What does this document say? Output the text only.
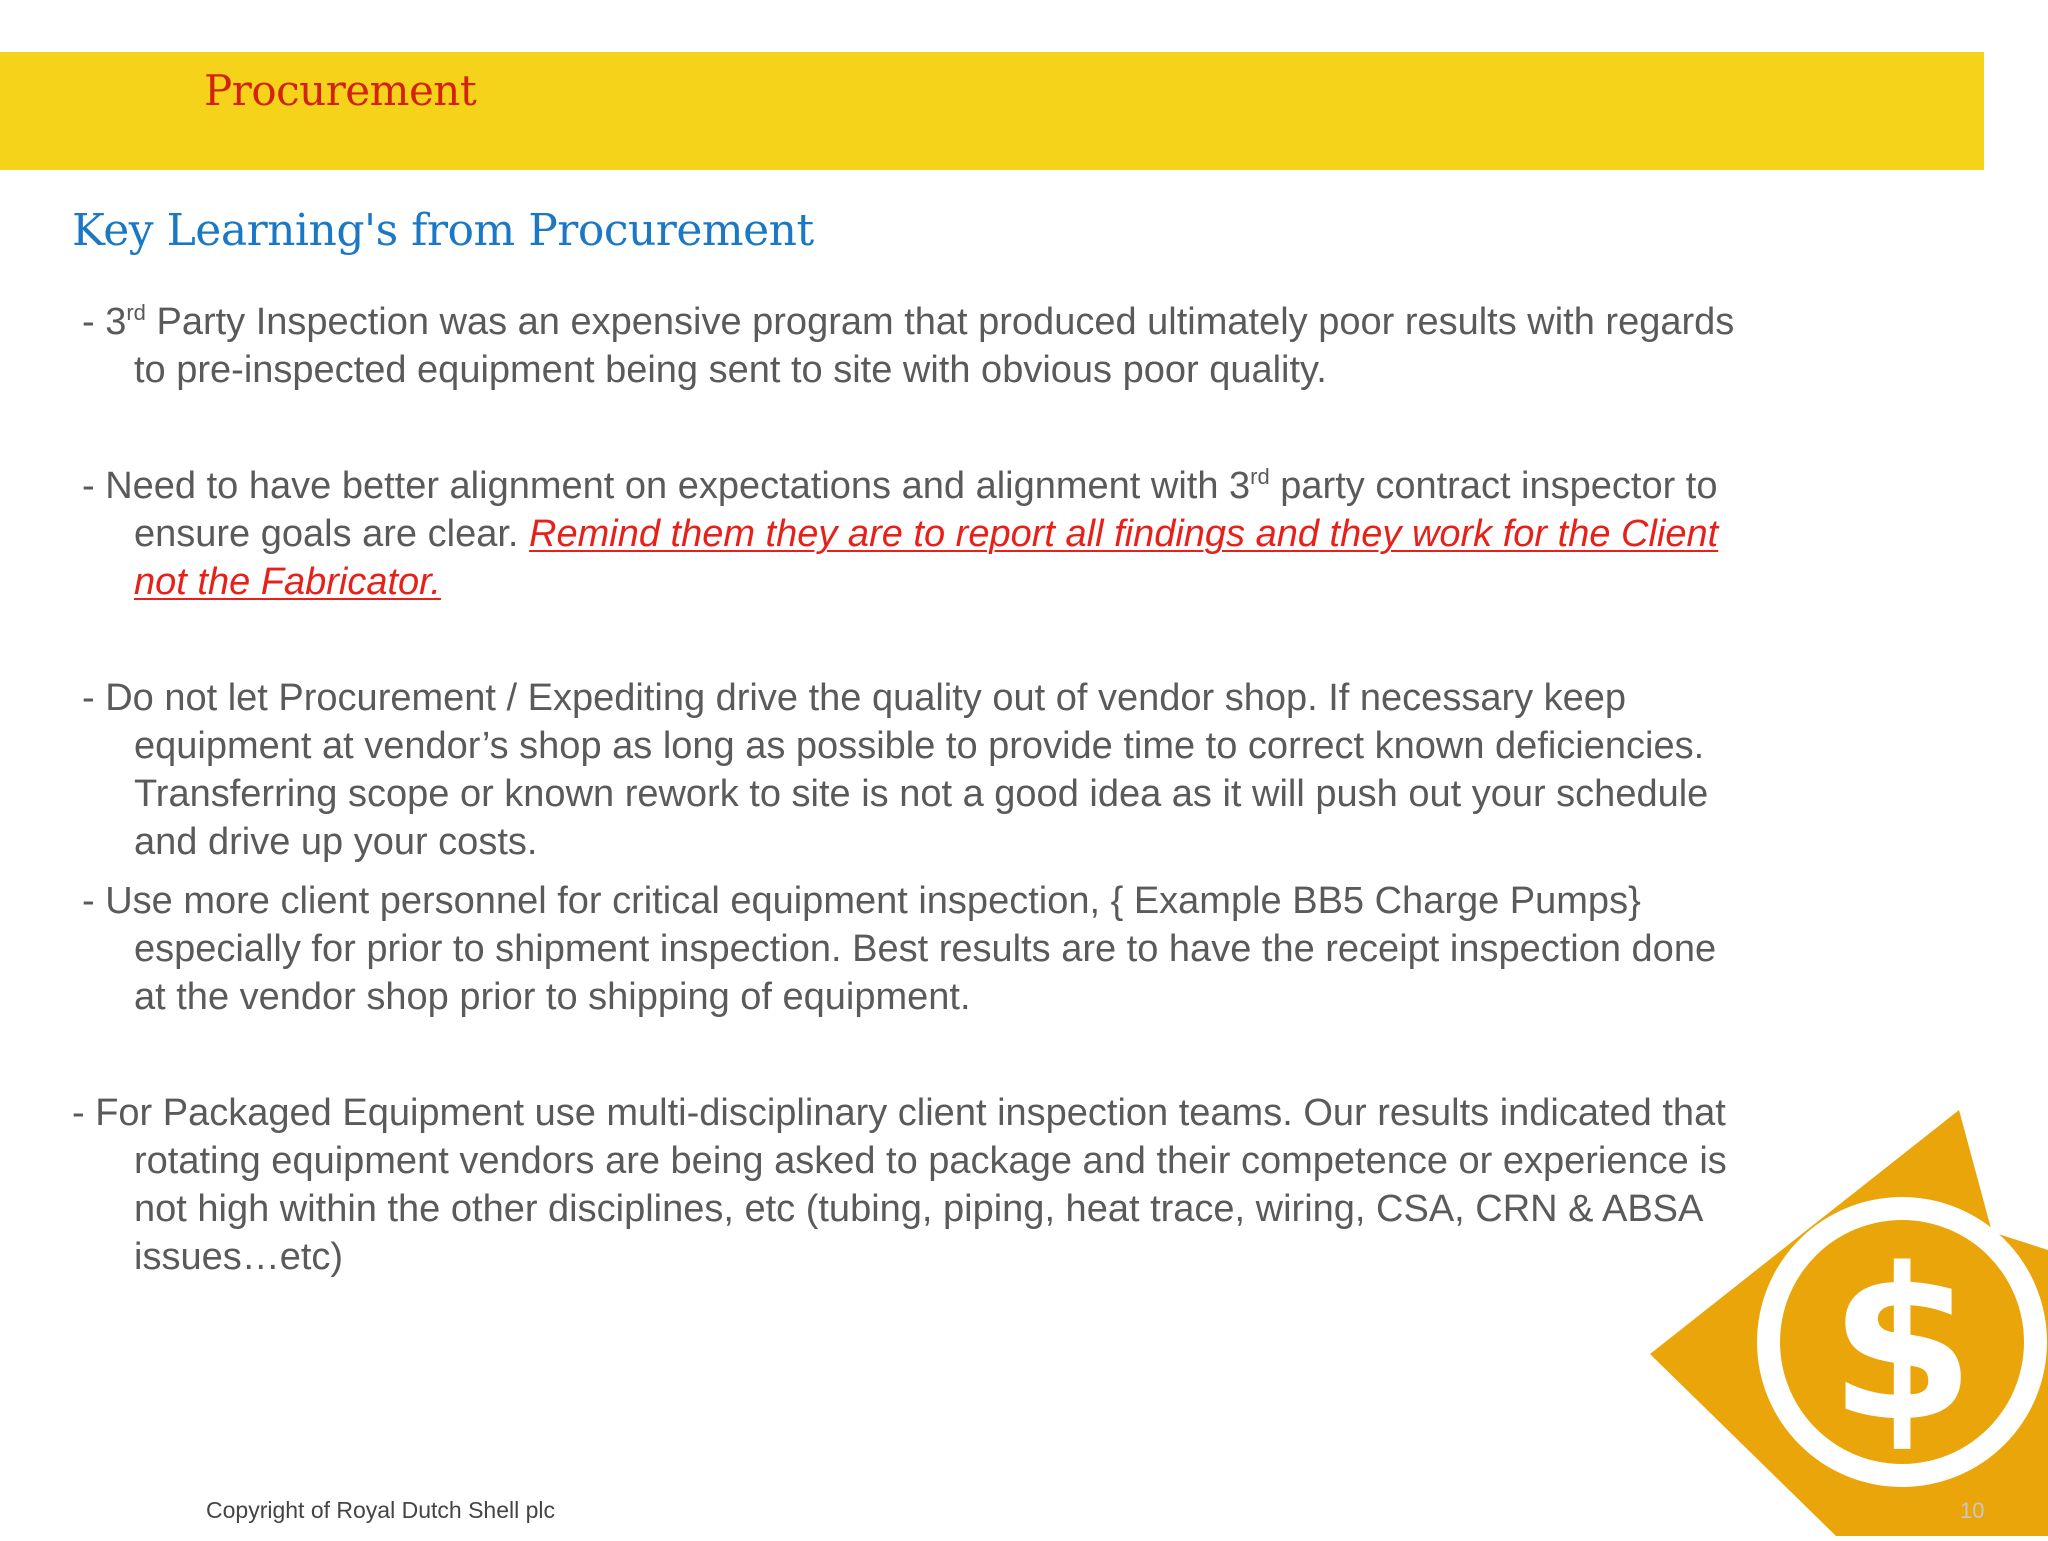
Procurement
Key Learning's from Procurement
- 3rd Party Inspection was an expensive program that produced ultimately poor results with regards
to pre-inspected equipment being sent to site with obvious poor quality.
- Need to have better alignment on expectations and alignment with 3rd party contract inspector to
ensure goals are clear. Remind them they are to report all findings and they work for the Client
not the Fabricator.
- Do not let Procurement / Expediting drive the quality out of vendor shop. If necessary keep
equipment at vendor’s shop as long as possible to provide time to correct known deficiencies.
Transferring scope or known rework to site is not a good idea as it will push out your schedule
and drive up your costs.
- Use more client personnel for critical equipment inspection, { Example BB5 Charge Pumps}
especially for prior to shipment inspection. Best results are to have the receipt inspection done
at the vendor shop prior to shipping of equipment.
- For Packaged Equipment use multi-disciplinary client inspection teams. Our results indicated that
rotating equipment vendors are being asked to package and their competence or experience is
not high within the other disciplines, etc (tubing, piping, heat trace, wiring, CSA, CRN & ABSA
issues…etc)	$
Copyright of Royal Dutch Shell plc	10
